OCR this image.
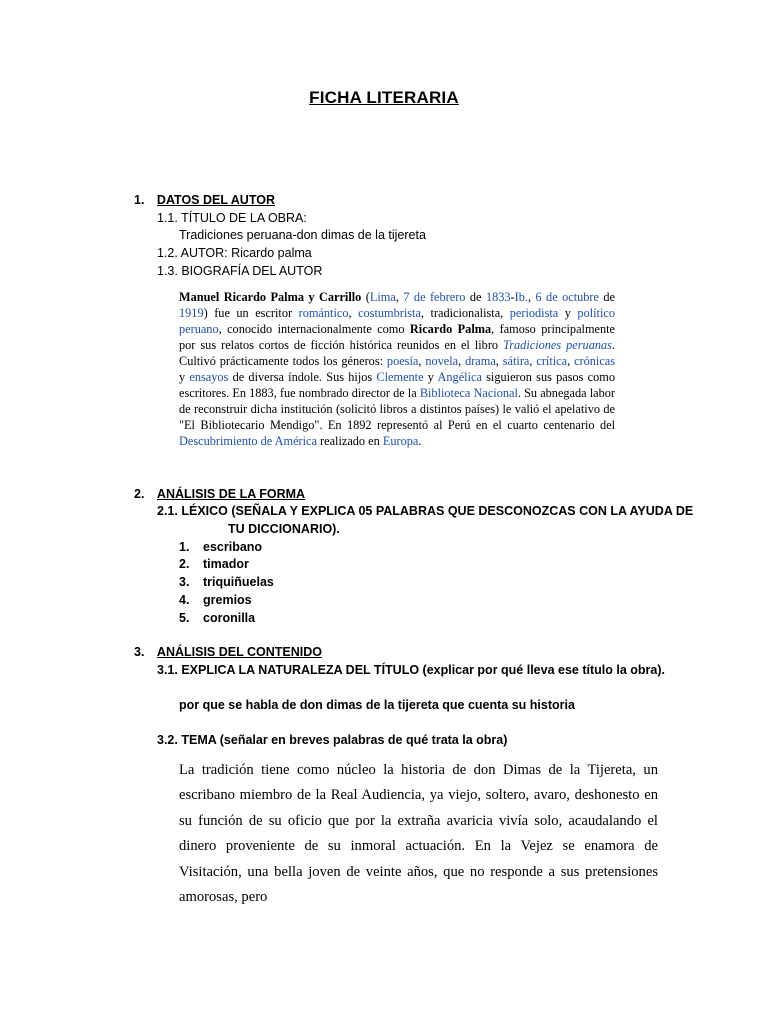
FICHA LITERARIA
1. DATOS DEL AUTOR
1.1. TÍTULO DE LA OBRA:
Tradiciones peruana-don dimas de la tijereta
1.2. AUTOR: Ricardo palma
1.3. BIOGRAFÍA DEL AUTOR
Manuel Ricardo Palma y Carrillo (Lima, 7 de febrero de 1833-Ib., 6 de octubre de 1919) fue un escritor romántico, costumbrista, tradicionalista, periodista y político peruano, conocido internacionalmente como Ricardo Palma, famoso principalmente por sus relatos cortos de ficción histórica reunidos en el libro Tradiciones peruanas. Cultivó prácticamente todos los géneros: poesía, novela, drama, sátira, crítica, crónicas y ensayos de diversa índole. Sus hijos Clemente y Angélica siguieron sus pasos como escritores. En 1883, fue nombrado director de la Biblioteca Nacional. Su abnegada labor de reconstruir dicha institución (solicitó libros a distintos países) le valió el apelativo de "El Bibliotecario Mendigo". En 1892 representó al Perú en el cuarto centenario del Descubrimiento de América realizado en Europa.
2. ANÁLISIS DE LA FORMA
2.1. LÉXICO (SEÑALA Y EXPLICA 05 PALABRAS QUE DESCONOZCAS CON LA AYUDA DE
TU DICCIONARIO).
1. escribano
2. timador
3. triquiñuelas
4. gremios
5. coronilla
3. ANÁLISIS DEL CONTENIDO
3.1. EXPLICA LA NATURALEZA DEL TÍTULO (explicar por qué lleva ese título la obra).
por que se habla de don dimas de la tijereta que cuenta su historia
3.2. TEMA (señalar en breves palabras de qué trata la obra)
La tradición tiene como núcleo la historia de don Dimas de la Tijereta, un escribano miembro de la Real Audiencia, ya viejo, soltero, avaro, deshonesto en su función de su oficio que por la extraña avaricia vivía solo, acaudalando el dinero proveniente de su inmoral actuación. En la Vejez se enamora de Visitación, una bella joven de veinte años, que no responde a sus pretensiones amorosas, pero
